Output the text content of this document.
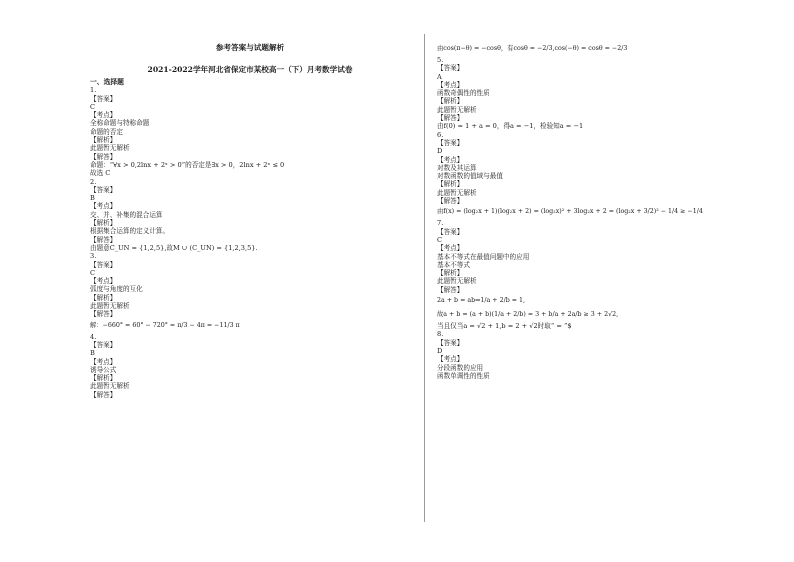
参考答案与试题解析
2021-2022学年河北省保定市某校高一（下）月考数学试卷
一、选择题
1.
【答案】
C
【考点】
全称命题与特称命题
命题的否定
【解析】
此题暂无解析
【解答】
命题：“∀x > 0,2lnx + 2ˣ > 0”的否定是∃x > 0，2lnx + 2ˣ ≤ 0
故选 C
2.
【答案】
B
【考点】
交、并、补集的混合运算
【解析】
根据集合运算的定义计算。
【解答】
由题意C_UN = {1,2,5},故M ∪ (C_UN) = {1,2,3,5}.
3.
【答案】
C
【考点】
弧度与角度的互化
【解析】
此题暂无解析
【解答】
解：−660° = 60° − 720° = π/3 − 4π = −11/3 π
4.
【答案】
B
【考点】
诱导公式
【解析】
此题暂无解析
【解答】
由cos(π−θ) = −cosθ，有cosθ = −2/3,cos(−θ) = cosθ = −2/3
5.
【答案】
A
【考点】
函数奇偶性的性质
【解析】
此题暂无解析
【解答】
由f(0) = 1 + a = 0，得a = −1，检验知a = −1
6.
【答案】
D
【考点】
对数及其运算
对数函数的值域与最值
【解析】
此题暂无解析
【解答】
由f(x) = (log₂x + 1)(log₂x + 2) = (log₂x)² + 3log₂x + 2 = (log₂x + 3/2)² − 1/4 ≥ −1/4
7.
【答案】
C
【考点】
基本不等式在最值问题中的应用
基本不等式
【解析】
此题暂无解析
【解答】
2a + b = ab⇒1/a + 2/b = 1,
故a + b = (a + b)(1/a + 2/b) = 3 + b/a + 2a/b ≥ 3 + 2√2,
当且仅当a = √2 + 1,b = 2 + √2时取“ = ”$
8.
【答案】
D
【考点】
分段函数的应用
函数单调性的性质
